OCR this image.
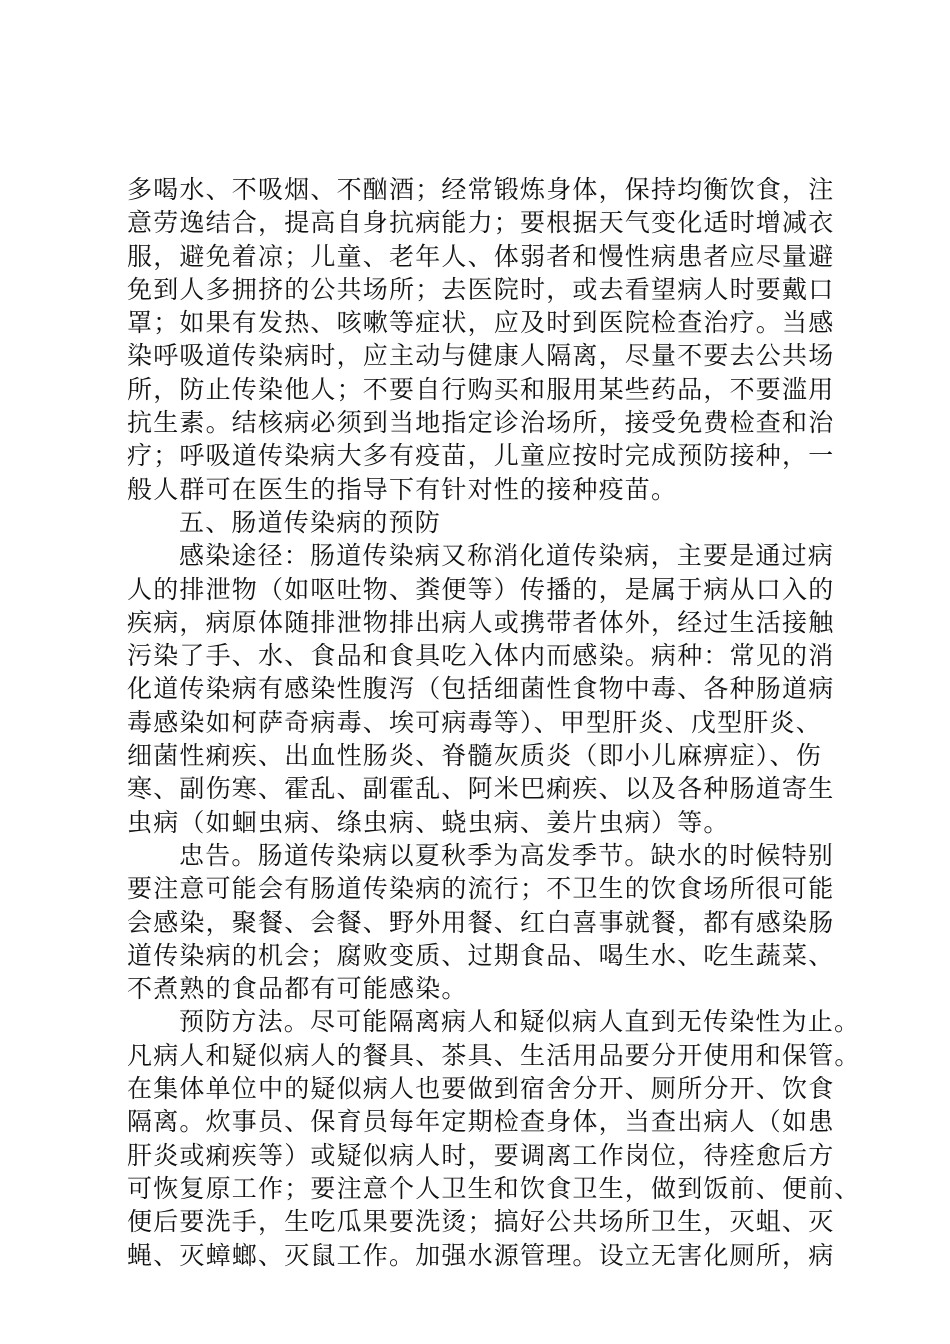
多喝水、不吸烟、不酗酒；经常锻炼身体，保持均衡饮食，注
意劳逸结合，提高自身抗病能力；要根据天气变化适时增减衣
服，避免着凉；儿童、老年人、体弱者和慢性病患者应尽量避
免到人多拥挤的公共场所；去医院时，或去看望病人时要戴口
罩；如果有发热、咳嗽等症状，应及时到医院检查治疗。当感
染呼吸道传染病时，应主动与健康人隔离，尽量不要去公共场
所，防止传染他人；不要自行购买和服用某些药品，不要滥用
抗生素。结核病必须到当地指定诊治场所，接受免费检查和治
疗；呼吸道传染病大多有疫苗，儿童应按时完成预防接种，一
般人群可在医生的指导下有针对性的接种疫苗。
五、肠道传染病的预防
感染途径：肠道传染病又称消化道传染病，主要是通过病
人的排泄物（如呕吐物、粪便等）传播的，是属于病从口入的
疾病，病原体随排泄物排出病人或携带者体外，经过生活接触
污染了手、水、食品和食具吃入体内而感染。病种：常见的消
化道传染病有感染性腹泻（包括细菌性食物中毒、各种肠道病
毒感染如柯萨奇病毒、埃可病毒等）、甲型肝炎、戊型肝炎、
细菌性痢疾、出血性肠炎、脊髓灰质炎（即小儿麻痹症）、伤
寒、副伤寒、霍乱、副霍乱、阿米巴痢疾、以及各种肠道寄生
虫病（如蛔虫病、绦虫病、蛲虫病、姜片虫病）等。
忠告。肠道传染病以夏秋季为高发季节。缺水的时候特别
要注意可能会有肠道传染病的流行；不卫生的饮食场所很可能
会感染，聚餐、会餐、野外用餐、红白喜事就餐，都有感染肠
道传染病的机会；腐败变质、过期食品、喝生水、吃生蔬菜、
不煮熟的食品都有可能感染。
预防方法。尽可能隔离病人和疑似病人直到无传染性为止。
凡病人和疑似病人的餐具、茶具、生活用品要分开使用和保管。
在集体单位中的疑似病人也要做到宿舍分开、厕所分开、饮食
隔离。炊事员、保育员每年定期检查身体，当查出病人（如患
肝炎或痢疾等）或疑似病人时，要调离工作岗位，待痊愈后方
可恢复原工作；要注意个人卫生和饮食卫生，做到饭前、便前、
便后要洗手，生吃瓜果要洗烫；搞好公共场所卫生，灭蛆、灭
蝇、灭蟑螂、灭鼠工作。加强水源管理。设立无害化厕所，病
